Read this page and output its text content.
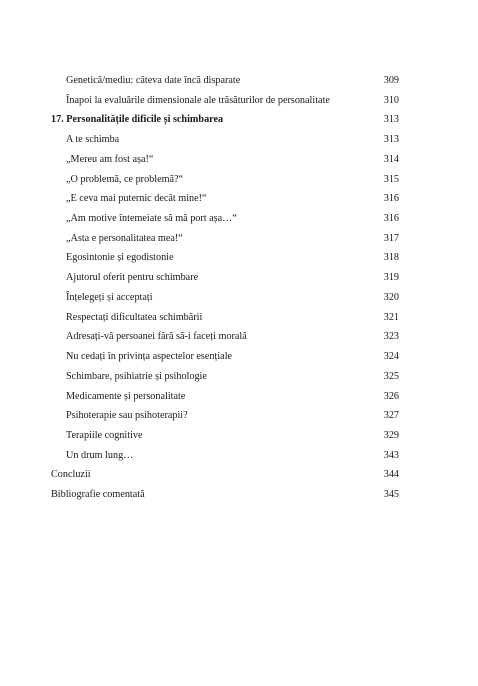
Genetică/mediu: câteva date încă disparate	309
Înapoi la evaluările dimensionale ale trăsăturilor de personalitate	310
17. Personalitățile dificile și schimbarea	313
A te schimba	313
„Mereu am fost așa!“	314
„O problemă, ce problemă?“	315
„E ceva mai puternic decât mine!“	316
„Am motive întemeiate să mă port așa…“	316
„Asta e personalitatea mea!“	317
Egosintonie și egodistonie	318
Ajutorul oferit pentru schimbare	319
Înțelegeți și acceptați	320
Respectați dificultatea schimbării	321
Adresați-vă persoanei fără să-i faceți morală	323
Nu cedați în privința aspectelor esențiale	324
Schimbare, psihiatrie și psihologie	325
Medicamente și personalitate	326
Psihoterapie sau psihoterapii?	327
Terapiile cognitive	329
Un drum lung…	343
Concluzii	344
Bibliografie comentată	345
